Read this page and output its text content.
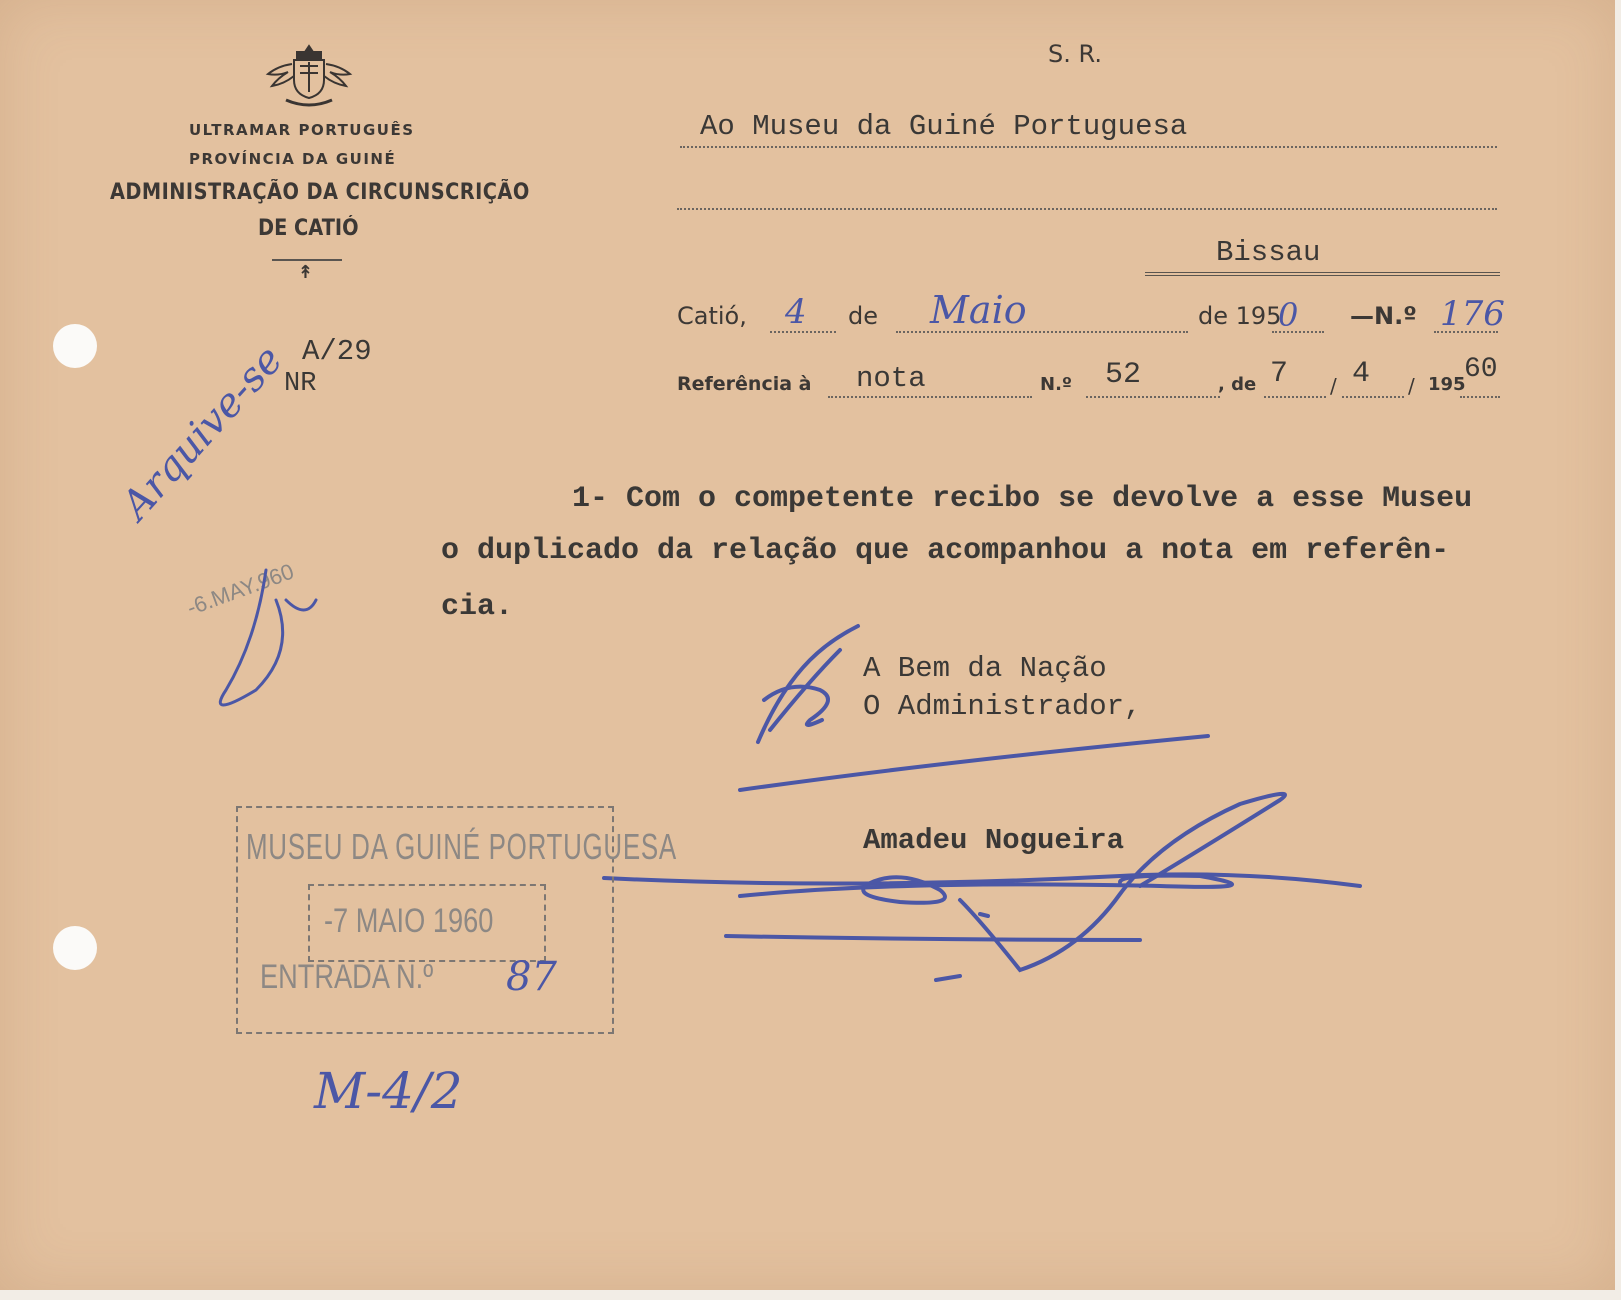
ULTRAMAR PORTUGUÊS
PROVÍNCIA DA GUINÉ
ADMINISTRAÇÃO DA CIRCUNSCRIÇÃO
DE CATIÓ
↟
A/29
NR
S. R.
Ao Museu da Guiné Portuguesa
Bissau
Catió, 4 de Maio	de 195
0 —N.º 176
Referência à nota	N.º 52	, de 7 / 4 / 195
60
1- Com o competente recibo se devolve a esse Museu
o duplicado da relação que acompanhou a nota em referên-
cia.
A Bem da Nação
O Administrador,
Amadeu Nogueira
Arquive-se
-6.MAY.960
MUSEU DA GUINÉ PORTUGUESA
-7 MAIO 1960
ENTRADA N.º 87
M-4/2
